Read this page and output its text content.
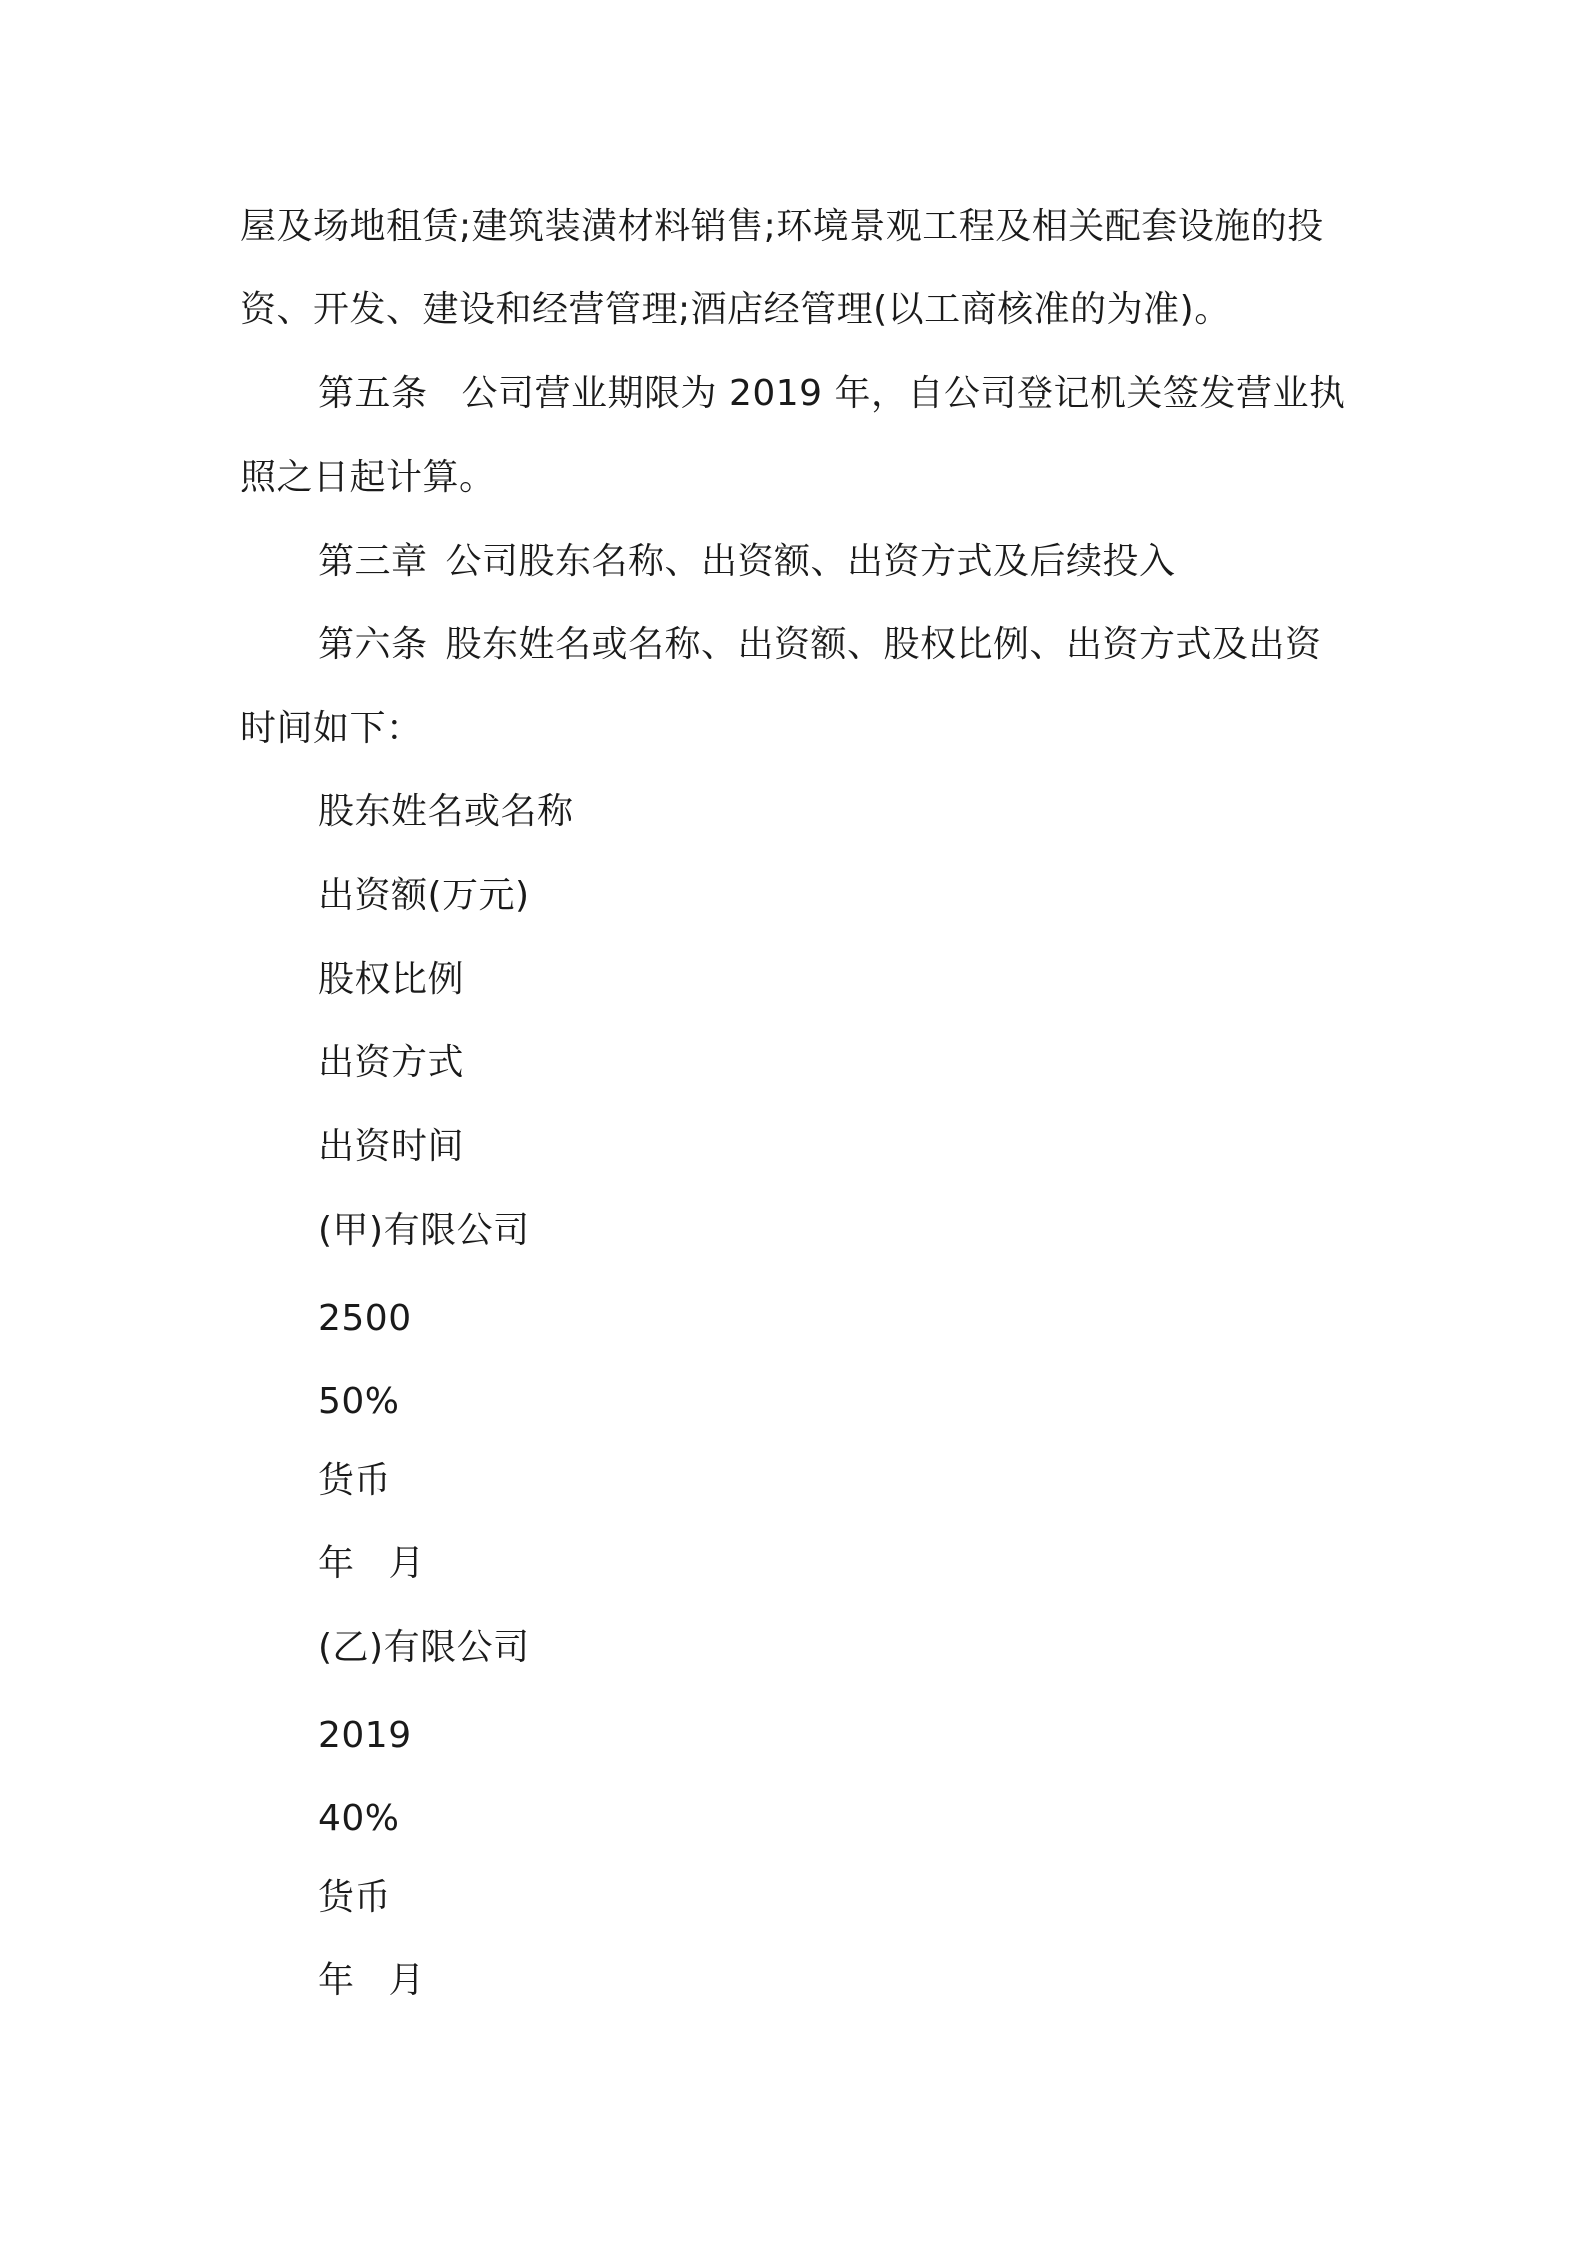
屋及场地租赁;建筑装潢材料销售;环境景观工程及相关配套设施的投
资、开发、建设和经营管理;酒店经管理(以工商核准的为准)。
第五条 公司营业期限为 2019 年，自公司登记机关签发营业执
照之日起计算。
第三章 公司股东名称、出资额、出资方式及后续投入
第六条 股东姓名或名称、出资额、股权比例、出资方式及出资
时间如下：
股东姓名或名称
出资额(万元)
股权比例
出资方式
出资时间
(甲)有限公司
2500
50%
货币
年 月
(乙)有限公司
2019
40%
货币
年 月
